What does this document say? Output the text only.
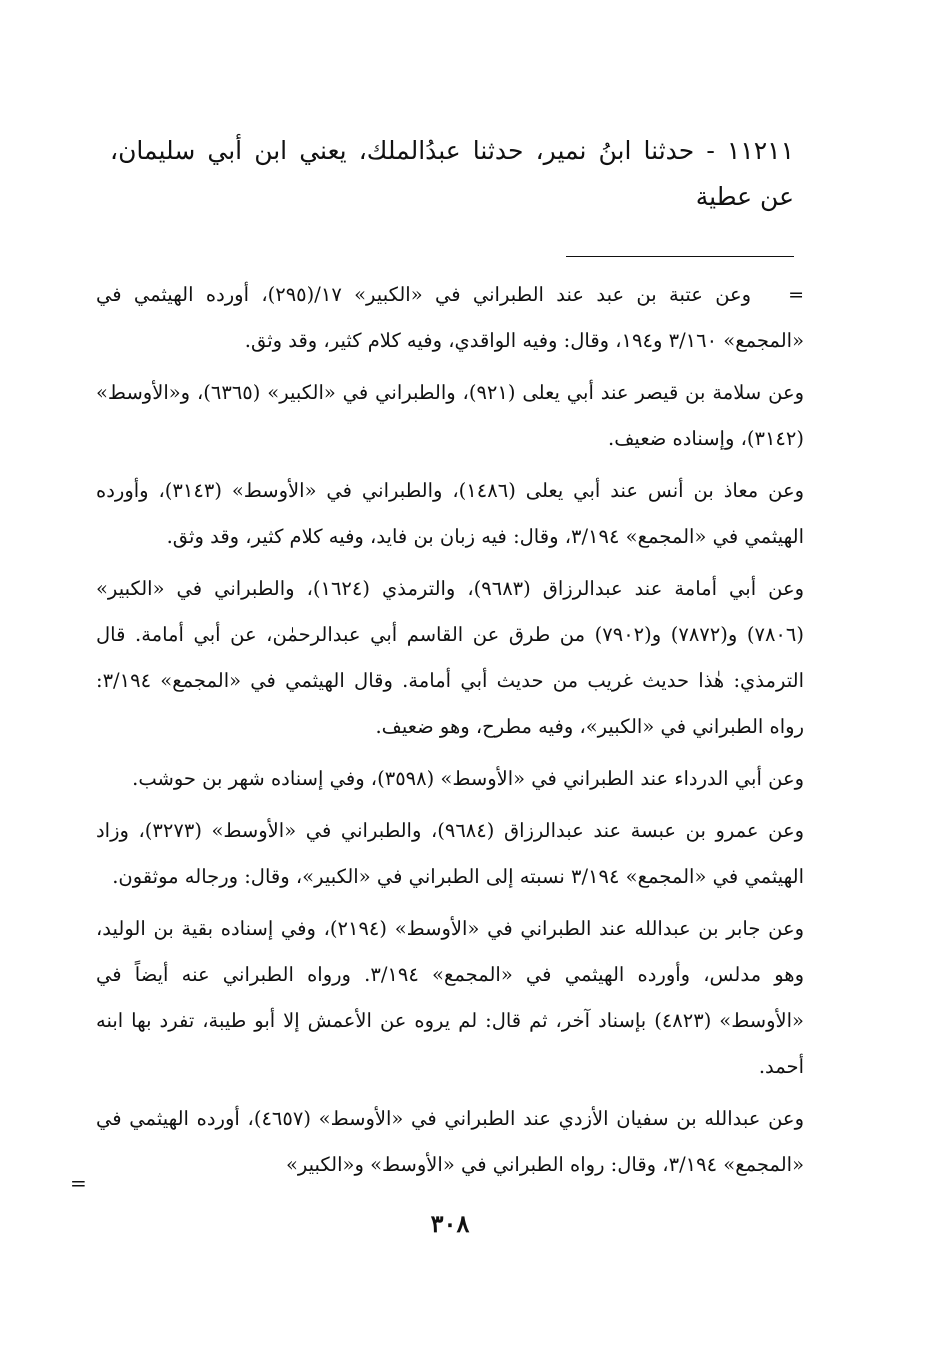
١١٢١١ - حدثنا ابنُ نمير، حدثنا عبدُالملك، يعني ابن أبي سليمان، عن عطية

=   وعن عتبة بن عبد عند الطبراني في «الكبير» ١٧/(٢٩٥)، أورده الهيثمي في «المجمع» ٣/١٦٠ و١٩٤، وقال: وفيه الواقدي، وفيه كلام كثير، وقد وثق.

وعن سلامة بن قيصر عند أبي يعلى (٩٢١)، والطبراني في «الكبير» (٦٣٦٥)، و«الأوسط» (٣١٤٢)، وإسناده ضعيف.

وعن معاذ بن أنس عند أبي يعلى (١٤٨٦)، والطبراني في «الأوسط» (٣١٤٣)، وأورده الهيثمي في «المجمع» ٣/١٩٤، وقال: فيه زبان بن فايد، وفيه كلام كثير، وقد وثق.

وعن أبي أمامة عند عبدالرزاق (٩٦٨٣)، والترمذي (١٦٢٤)، والطبراني في «الكبير» (٧٨٠٦) و(٧٨٧٢) و(٧٩٠٢) من طرق عن القاسم أبي عبدالرحمٰن، عن أبي أمامة. قال الترمذي: هٰذا حديث غريب من حديث أبي أمامة. وقال الهيثمي في «المجمع» ٣/١٩٤: رواه الطبراني في «الكبير»، وفيه مطرح، وهو ضعيف.

وعن أبي الدرداء عند الطبراني في «الأوسط» (٣٥٩٨)، وفي إسناده شهر بن حوشب.

وعن عمرو بن عبسة عند عبدالرزاق (٩٦٨٤)، والطبراني في «الأوسط» (٣٢٧٣)، وزاد الهيثمي في «المجمع» ٣/١٩٤ نسبته إلى الطبراني في «الكبير»، وقال: ورجاله موثقون.

وعن جابر بن عبدالله عند الطبراني في «الأوسط» (٢١٩٤)، وفي إسناده بقية بن الوليد، وهو مدلس، وأورده الهيثمي في «المجمع» ٣/١٩٤. ورواه الطبراني عنه أيضاً في «الأوسط» (٤٨٢٣) بإسناد آخر، ثم قال: لم يروه عن الأعمش إلا أبو طيبة، تفرد بها ابنه أحمد.

وعن عبدالله بن سفيان الأزدي عند الطبراني في «الأوسط» (٤٦٥٧)، أورده الهيثمي في «المجمع» ٣/١٩٤، وقال: رواه الطبراني في «الأوسط» و«الكبير»

=
٣٠٨
